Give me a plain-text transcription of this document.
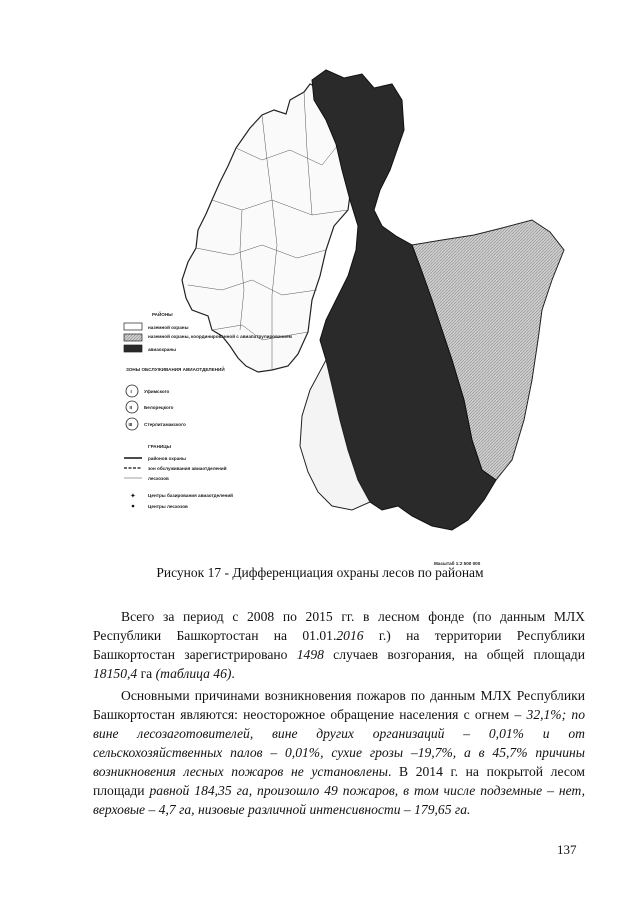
РАЙОНЫ
наземной охраны
наземной охраны, координированной с авиапатрулированием
авиаохраны
ЗОНЫ ОБСЛУЖИВАНИЯ АВИАОТДЕЛЕНИЙ
I	Уфимского
II	Белорецкого
III	Стерлитамакского
ГРАНИЦЫ
районов охраны
зон обслуживания авиаотделений
лесхозов
✦	Центры базирования авиаотделений
Центры лесхозов
Масштаб 1:2 500 000
Рисунок 17 - Дифференциация охраны лесов по районам
Всего за период с 2008 по 2015 гг. в лесном фонде (по данным МЛХ Республики Башкортостан на 01.01.2016 г.) на территории Республики Башкортостан зарегистрировано 1498 случаев возгорания, на общей площади 18150,4 га (таблица 46).
Основными причинами возникновения пожаров по данным МЛХ Республики Башкортостан являются: неосторожное обращение населения с огнем – 32,1%; по вине лесозаготовителей, вине других организаций – 0,01% и от сельскохозяйственных палов – 0,01%, сухие грозы –19,7%, а в 45,7% причины возникновения лесных пожаров не установлены. В 2014 г. на покрытой лесом площади равной 184,35 га, произошло 49 пожаров, в том числе подземные – нет, верховые – 4,7 га, низовые различной интенсивности – 179,65 га.
137
